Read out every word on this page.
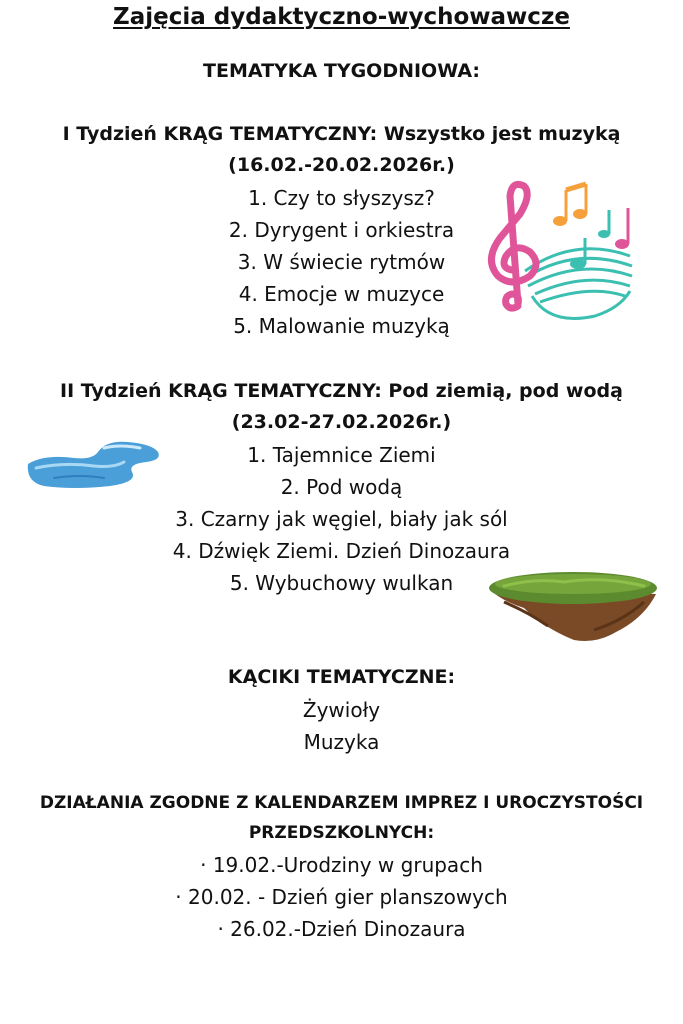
Zajęcia dydaktyczno-wychowawcze
TEMATYKA TYGODNIOWA:
I Tydzień KRĄG TEMATYCZNY: Wszystko jest muzyką
(16.02.-20.02.2026r.)
1. Czy to słyszysz?
2. Dyrygent i orkiestra
3. W świecie rytmów
4. Emocje w muzyce
5. Malowanie muzyką
II Tydzień KRĄG TEMATYCZNY: Pod ziemią, pod wodą
(23.02-27.02.2026r.)
1. Tajemnice Ziemi
2. Pod wodą
3. Czarny jak węgiel, biały jak sól
4. Dźwięk Ziemi. Dzień Dinozaura
5. Wybuchowy wulkan
KĄCIKI TEMATYCZNE:
Żywioły
Muzyka
DZIAŁANIA ZGODNE Z KALENDARZEM IMPREZ I UROCZYSTOŚCI
PRZEDSZKOLNYCH:
· 19.02.-Urodziny w grupach
· 20.02. - Dzień gier planszowych
· 26.02.-Dzień Dinozaura
